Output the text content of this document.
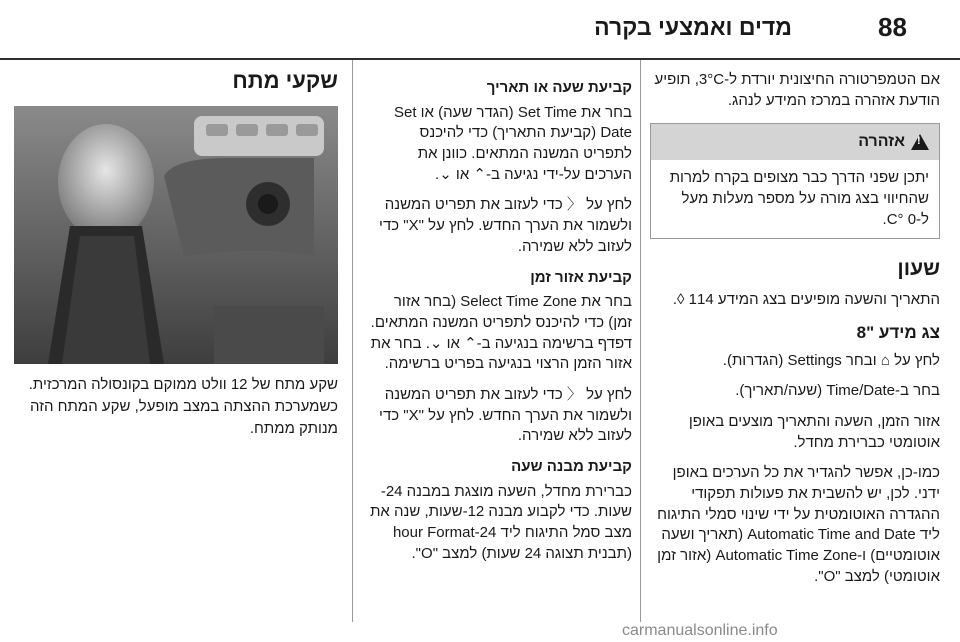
88
מדים ואמצעי בקרה

אם הטמפרטורה החיצונית יורדת ל-3°C, תופיע הודעת אזהרה במרכז המידע לנהג.

!
אזהרה
יתכן שפני הדרך כבר מצופים בקרח למרות שהחיווי בצג מורה על מספר מעלות מעל ל-0 °C.
שעון

התאריך והשעה מופיעים בצג המידע 114 ◊.

צג מידע "8

לחץ על ⌂ ובחר Settings (הגדרות).

בחר ב-Time/Date (שעה/תאריך).

אזור הזמן, השעה והתאריך מוצעים באופן אוטומטי כברירת מחדל.

כמו-כן, אפשר להגדיר את כל הערכים באופן ידני. לכן, יש להשבית את פעולות תפקודי ההגדרה האוטומטית על ידי שינוי סמלי התיגוח ליד Automatic Time and Date (תאריך ושעה אוטומטיים) ו-Automatic Time Zone (אזור זמן אוטומטי) למצב "O".

קביעת שעה או תאריך

בחר את Set Time (הגדר שעה) או Set Date (קביעת התאריך) כדי להיכנס לתפריט המשנה המתאים. כוונן את הערכים על-ידי נגיעה ב-⌃ או ⌄.

לחץ על 〈 כדי לעזוב את תפריט המשנה ולשמור את הערך החדש. לחץ על "X" כדי לעזוב ללא שמירה.

קביעת אזור זמן

בחר את Select Time Zone (בחר אזור זמן) כדי להיכנס לתפריט המשנה המתאים. דפדף ברשימה בנגיעה ב-⌃ או ⌄. בחר את אזור הזמן הרצוי בנגיעה בפריט ברשימה.

לחץ על 〈 כדי לעזוב את תפריט המשנה ולשמור את הערך החדש. לחץ על "X" כדי לעזוב ללא שמירה.

קביעת מבנה שעה

כברירת מחדל, השעה מוצגת במבנה 24-שעות. כדי לקבוע מבנה 12-שעות, שנה את מצב סמל התיגוח ליד 24-hour Format (תבנית תצוגה 24 שעות) למצב "O".

שקעי מתח
שקע מתח של 12 וולט ממוקם בקונסולה המרכזית. כשמערכת ההצתה במצב מופעל, שקע המתח הזה מנותק ממתח.
carmanualsonline.info
